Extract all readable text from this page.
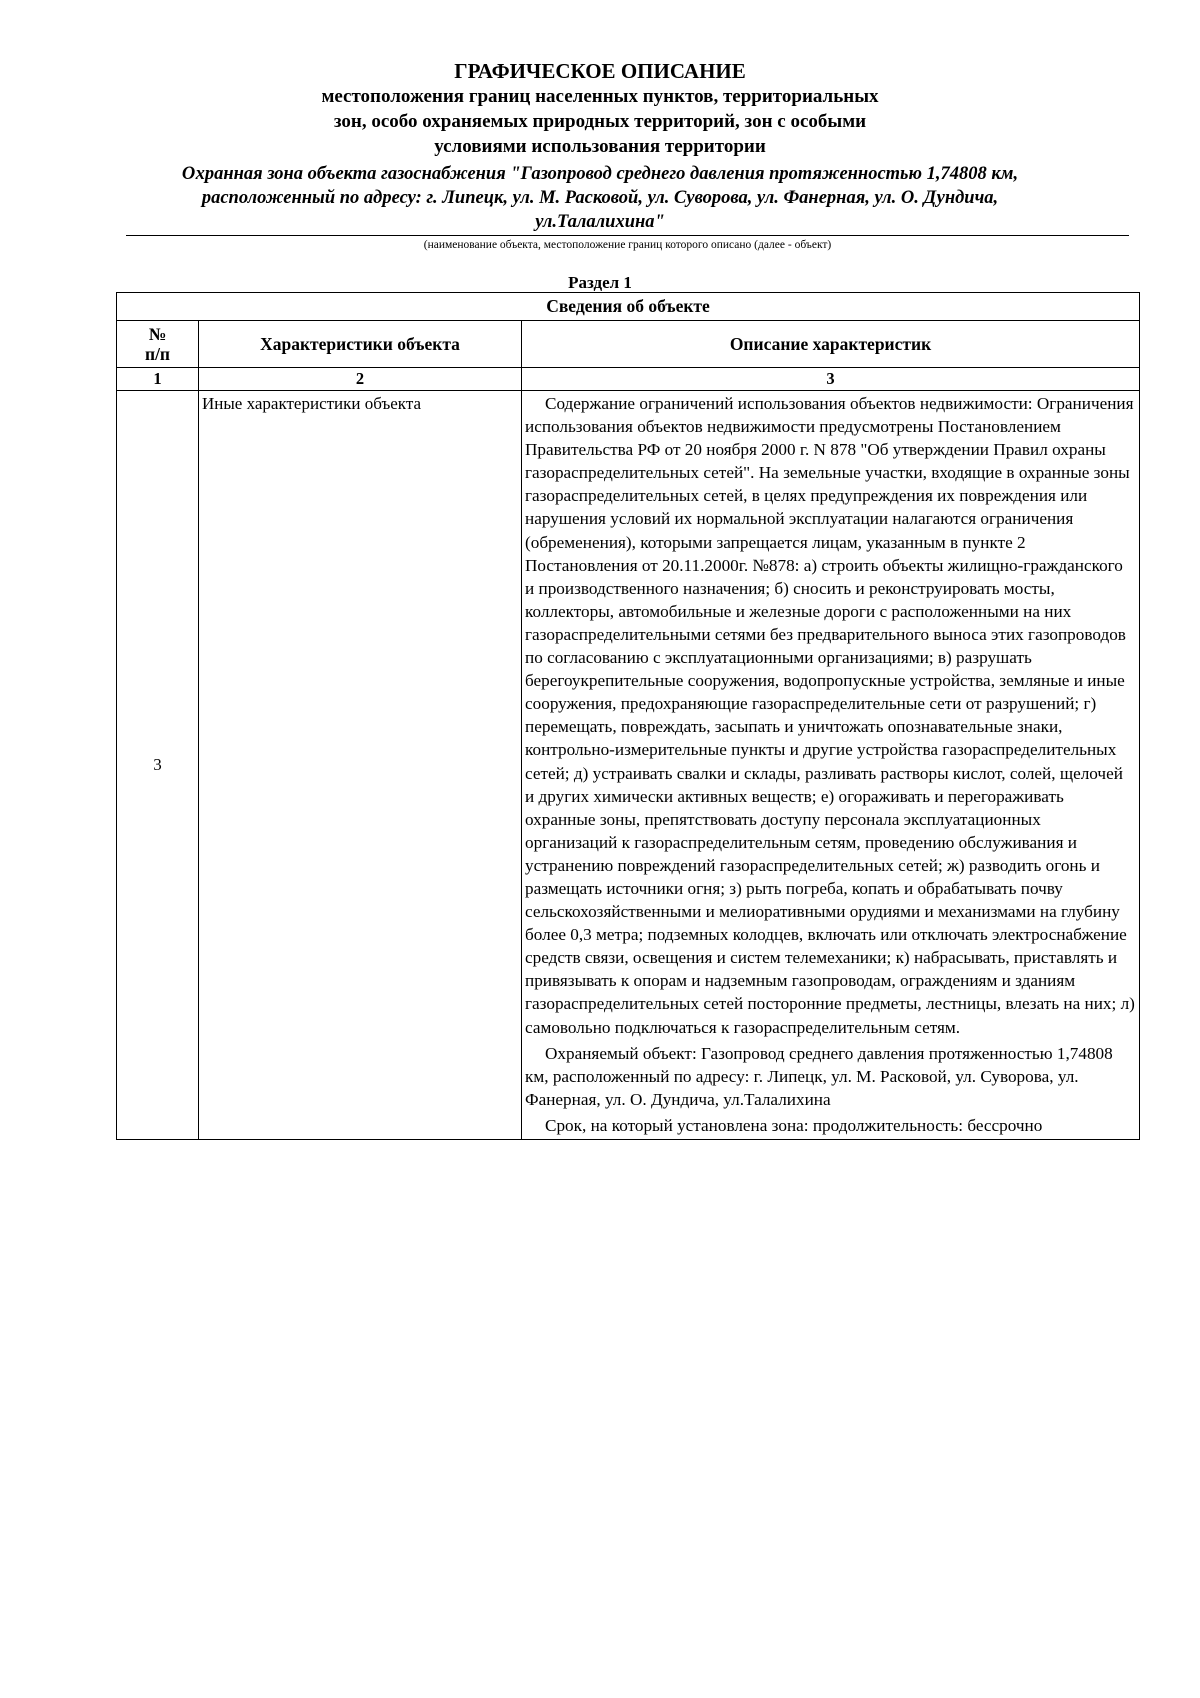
ГРАФИЧЕСКОЕ ОПИСАНИЕ
местоположения границ населенных пунктов, территориальных
зон, особо охраняемых природных территорий, зон с особыми
условиями использования территории
Охранная зона объекта газоснабжения "Газопровод среднего давления протяженностью 1,74808 км,
расположенный по адресу: г. Липецк, ул. М. Расковой, ул. Суворова, ул. Фанерная, ул. О. Дундича,
ул.Талалихина"
(наименование объекта, местоположение границ которого описано (далее - объект)
Раздел 1
Сведения об объекте		

№
п/п	Характеристики объекта	Описание характеристик
1	2	3
3	Иные характеристики объекта	Содержание ограничений использования объектов недвижимости: Ограничения использования объектов недвижимости предусмотрены Постановлением Правительства РФ от 20 ноября 2000 г. N 878 "Об утверждении Правил охраны газораспределительных сетей". На земельные участки, входящие в охранные зоны газораспределительных сетей, в целях предупреждения их повреждения или нарушения условий их нормальной эксплуатации налагаются ограничения (обременения), которыми запрещается лицам, указанным в пункте 2 Постановления от 20.11.2000г. №878: а) строить объекты жилищно-гражданского и производственного назначения; б) сносить и реконструировать мосты, коллекторы, автомобильные и железные дороги с расположенными на них газораспределительными сетями без предварительного выноса этих газопроводов по согласованию с эксплуатационными организациями; в) разрушать берегоукрепительные сооружения, водопропускные устройства, земляные и иные сооружения, предохраняющие газораспределительные сети от разрушений; г) перемещать, повреждать, засыпать и уничтожать опознавательные знаки, контрольно-измерительные пункты и другие устройства газораспределительных сетей; д) устраивать свалки и склады, разливать растворы кислот, солей, щелочей и других химически активных веществ; е) огораживать и перегораживать охранные зоны, препятствовать доступу персонала эксплуатационных организаций к газораспределительным сетям, проведению обслуживания и устранению повреждений газораспределительных сетей; ж) разводить огонь и размещать источники огня; з) рыть погреба, копать и обрабатывать почву сельскохозяйственными и мелиоративными орудиями и механизмами на глубину более 0,3 метра; подземных колодцев, включать или отключать электроснабжение средств связи, освещения и систем телемеханики; к) набрасывать, приставлять и привязывать к опорам и надземным газопроводам, ограждениям и зданиям газораспределительных сетей посторонние предметы, лестницы, влезать на них; л) самовольно подключаться к газораспределительным сетям.

Охраняемый объект: Газопровод среднего давления протяженностью 1,74808 км, расположенный по адресу: г. Липецк, ул. М. Расковой, ул. Суворова, ул. Фанерная, ул. О. Дундича, ул.Талалихина

Срок, на который установлена зона: продолжительность: бессрочно
